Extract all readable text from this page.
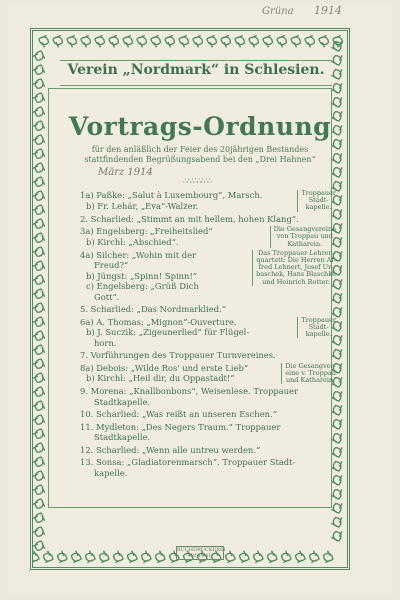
Grüna 1914
Verein „Nordmark“ in Schlesien.
Vortrags-Ordnung
für den anläßlich der Feier des 20jährigen Bestandes
stattfindenden Begrüßungsabend bei den „Drei Hahnen“
März 1914
∴∴∴∴∴∴∴∴
1a) Paßke: „Salut à Luxembourg“, Marsch.
b) Fr. Lehár, „Eva“-Walzer.
Troppauer
Stadt-
kapelle.
2. Scharlied: „Stimmt an mit hellem, hohen Klang“.
3a) Engelsberg: „Freiheitslied“
b) Kirchl: „Abschied“.
Die Gesangvereine
von Troppau und
Katharein.
4a) Silcher: „Wohin mit der
Freud?“
b) Jüngst: „Spinn! Spinn!“
c) Engelsberg: „Grüß Dich
Gott“.
Das Troppauer Lehrer-
quartett: Die Herren Al-
fred Lehnert, Josef Ur-
baschek, Hans Blaschke
und Heinrich Rotter.
5. Scharlied: „Das Nordmarklied.“
6a) A. Thomas: „Mignon“-Ouverture.
b) J. Suczik: „Zigeunerlied“ für Flügel-
horn.
Troppauer
Stadt-
kapelle.
7. Vorführungen des Troppauer Turnvereines.
8a) Debois: „Wilde Ros' und erste Lieb“
b) Kirchl: „Heil dir, du Oppastadt!“
Die Gesangver-
eine v. Troppau
und Katharein.
9. Morena: „Knallbonbons“, Weisenlese. Troppauer
Stadtkapelle.
10. Scharlied: „Was reißt an unseren Eschen.“
11. Mydleton: „Des Negers Traum.“ Troppauer
Stadtkapelle.
12. Scharlied: „Wenn alle untreu werden.“
13. Sonsa: „Gladiatorenmarsch“. Troppauer Stadt-
kapelle.
BUCHDRUCKEREI
TROPPAU
